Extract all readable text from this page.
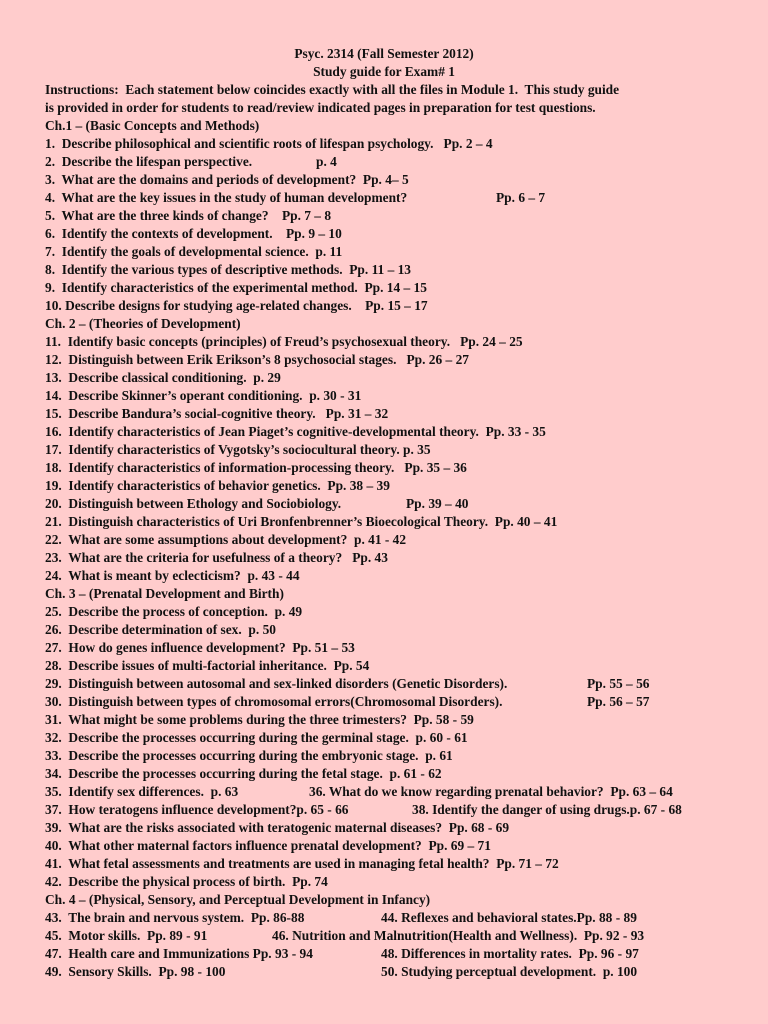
Psyc. 2314 (Fall Semester 2012)
Study guide for Exam# 1
Instructions:  Each statement below coincides exactly with all the files in Module 1.  This study guide
is provided in order for students to read/review indicated pages in preparation for test questions.
Ch.1 – (Basic Concepts and Methods)
1.  Describe philosophical and scientific roots of lifespan psychology.   Pp. 2 – 4
2.  Describe the lifespan perspective.	p. 4
3.  What are the domains and periods of development?  Pp. 4– 5
4.  What are the key issues in the study of human development?	Pp. 6 – 7
5.  What are the three kinds of change?    Pp. 7 – 8
6.  Identify the contexts of development.    Pp. 9 – 10
7.  Identify the goals of developmental science.  p. 11
8.  Identify the various types of descriptive methods.  Pp. 11 – 13
9.  Identify characteristics of the experimental method.  Pp. 14 – 15
10. Describe designs for studying age-related changes.    Pp. 15 – 17
Ch. 2 – (Theories of Development)
11.  Identify basic concepts (principles) of Freud’s psychosexual theory.   Pp. 24 – 25
12.  Distinguish between Erik Erikson’s 8 psychosocial stages.   Pp. 26 – 27
13.  Describe classical conditioning.  p. 29
14.  Describe Skinner’s operant conditioning.  p. 30 - 31
15.  Describe Bandura’s social-cognitive theory.   Pp. 31 – 32
16.  Identify characteristics of Jean Piaget’s cognitive-developmental theory.  Pp. 33 - 35
17.  Identify characteristics of Vygotsky’s sociocultural theory. p. 35
18.  Identify characteristics of information-processing theory.   Pp. 35 – 36
19.  Identify characteristics of behavior genetics.  Pp. 38 – 39
20.  Distinguish between Ethology and Sociobiology.	Pp. 39 – 40
21.  Distinguish characteristics of Uri Bronfenbrenner’s Bioecological Theory.  Pp. 40 – 41
22.  What are some assumptions about development?  p. 41 - 42
23.  What are the criteria for usefulness of a theory?   Pp. 43
24.  What is meant by eclecticism?  p. 43 - 44
Ch. 3 – (Prenatal Development and Birth)
25.  Describe the process of conception.  p. 49
26.  Describe determination of sex.  p. 50
27.  How do genes influence development?  Pp. 51 – 53
28.  Describe issues of multi-factorial inheritance.  Pp. 54
29.  Distinguish between autosomal and sex-linked disorders (Genetic Disorders).	Pp. 55 – 56
30.  Distinguish between types of chromosomal errors(Chromosomal Disorders).	Pp. 56 – 57
31.  What might be some problems during the three trimesters?  Pp. 58 - 59
32.  Describe the processes occurring during the germinal stage.  p. 60 - 61
33.  Describe the processes occurring during the embryonic stage.  p. 61
34.  Describe the processes occurring during the fetal stage.  p. 61 - 62
35.  Identify sex differences.  p. 63	36. What do we know regarding prenatal behavior?  Pp. 63 – 64
37.  How teratogens influence development?p. 65 - 66	38. Identify the danger of using drugs.p. 67 - 68
39.  What are the risks associated with teratogenic maternal diseases?  Pp. 68 - 69
40.  What other maternal factors influence prenatal development?  Pp. 69 – 71
41.  What fetal assessments and treatments are used in managing fetal health?  Pp. 71 – 72
42.  Describe the physical process of birth.  Pp. 74
Ch. 4 – (Physical, Sensory, and Perceptual Development in Infancy)
43.  The brain and nervous system.  Pp. 86-88	44. Reflexes and behavioral states.Pp. 88 - 89
45.  Motor skills.  Pp. 89 - 91	46. Nutrition and Malnutrition(Health and Wellness).  Pp. 92 - 93
47.  Health care and Immunizations Pp. 93 - 94	48. Differences in mortality rates.  Pp. 96 - 97
49.  Sensory Skills.  Pp. 98 - 100	50. Studying perceptual development.  p. 100
